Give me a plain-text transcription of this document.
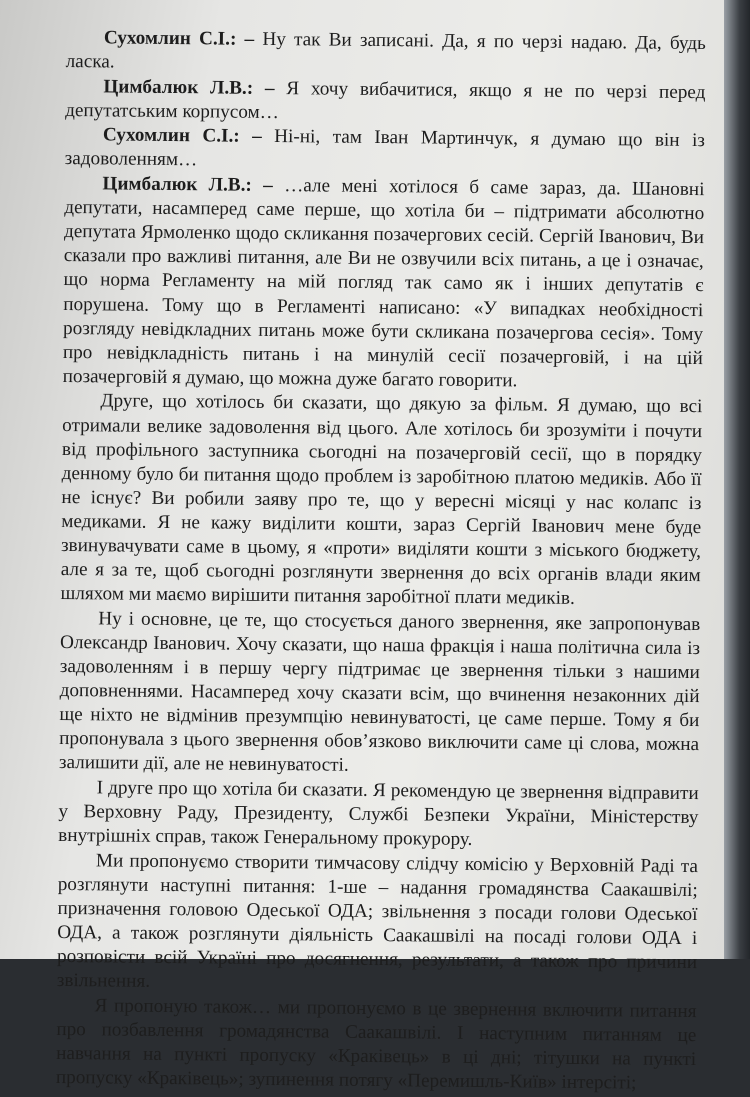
Сухомлин С.І.: – Ну так Ви записані. Да, я по черзі надаю. Да, будь ласка.

Цимбалюк Л.В.: – Я хочу вибачитися, якщо я не по черзі перед депутатським корпусом…

Сухомлин С.І.: – Ні-ні, там Іван Мартинчук, я думаю що він із задоволенням…

Цимбалюк Л.В.: – …але мені хотілося б саме зараз, да. Шановні депутати, насамперед саме перше, що хотіла би – підтримати абсолютно депутата Ярмоленко щодо скликання позачергових сесій. Сергій Іванович, Ви сказали про важливі питання, але Ви не озвучили всіх питань, а це і означає, що норма Регламенту на мій погляд так само як і інших депутатів є порушена. Тому що в Регламенті написано: «У випадках необхідності розгляду невідкладних питань може бути скликана позачергова сесія». Тому про невідкладність питань і на минулій сесії позачерговій, і на цій позачерговій я думаю, що можна дуже багато говорити.

Друге, що хотілось би сказати, що дякую за фільм. Я думаю, що всі отримали велике задоволення від цього. Але хотілось би зрозуміти і почути від профільного заступника сьогодні на позачерговій сесії, що в порядку денному було би питання щодо проблем із заробітною платою медиків. Або її не існує? Ви робили заяву про те, що у вересні місяці у нас колапс із медиками. Я не кажу виділити кошти, зараз Сергій Іванович мене буде звинувачувати саме в цьому, я «проти» виділяти кошти з міського бюджету, але я за те, щоб сьогодні розглянути звернення до всіх органів влади яким шляхом ми маємо вирішити питання заробітної плати медиків.

Ну і основне, це те, що стосується даного звернення, яке запропонував Олександр Іванович. Хочу сказати, що наша фракція і наша політична сила із задоволенням і в першу чергу підтримає це звернення тільки з нашими доповненнями. Насамперед хочу сказати всім, що вчинення незаконних дій ще ніхто не відмінив презумпцію невинуватості, це саме перше. Тому я би пропонувала з цього звернення обов’язково виключити саме ці слова, можна залишити дії, але не невинуватості.

І друге про що хотіла би сказати. Я рекомендую це звернення відправити у Верховну Раду, Президенту, Службі Безпеки України, Міністерству внутрішніх справ, також Генеральному прокурору.

Ми пропонуємо створити тимчасову слідчу комісію у Верховній Раді та розглянути наступні питання: 1-ше – надання громадянства Саакашвілі; призначення головою Одеської ОДА; звільнення з посади голови Одеської ОДА, а також розглянути діяльність Саакашвілі на посаді голови ОДА і розповісти всій Україні про досягнення, результати, а також про причини звільнення.

Я пропоную також… ми пропонуємо в це звернення включити питання про позбавлення громадянства Саакашвілі. І наступним питанням це навчання на пункті пропуску «Краківець» в ці дні; тітушки на пункті пропуску «Краківець»; зупинення потягу «Перемишль-Київ» інтерсіті;
